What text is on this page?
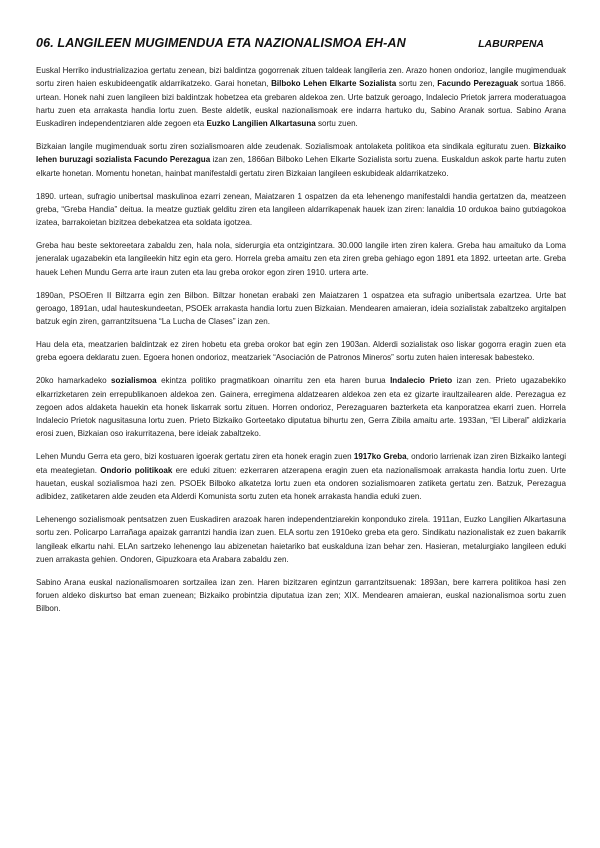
06. LANGILEEN MUGIMENDUA ETA NAZIONALISMOA EH-AN	LABURPENA

Euskal Herriko industrializazioa gertatu zenean, bizi baldintza gogorrenak zituen taldeak langileria zen. Arazo honen ondorioz, langile mugimenduak sortu ziren haien eskubideengatik aldarrikatzeko. Garai honetan, Bilboko Lehen Elkarte Sozialista sortu zen, Facundo Perezaguak sortua 1866. urtean. Honek nahi zuen langileen bizi baldintzak hobetzea eta grebaren aldekoa zen. Urte batzuk geroago, Indalecio Prietok jarrera moderatuagoa hartu zuen eta arrakasta handia lortu zuen. Beste aldetik, euskal nazionalismoak ere indarra hartuko du, Sabino Aranak sortua. Sabino Arana Euskadiren independentziaren alde zegoen eta Euzko Langilien Alkartasuna sortu zuen.

Bizkaian langile mugimenduak sortu ziren sozialismoaren alde zeudenak. Sozialismoak antolaketa politikoa eta sindikala egituratu zuen. Bizkaiko lehen buruzagi sozialista Facundo Perezagua izan zen, 1866an Bilboko Lehen Elkarte Sozialista sortu zuena. Euskaldun askok parte hartu zuten elkarte honetan. Momentu honetan, hainbat manifestaldi gertatu ziren Bizkaian langileen eskubideak aldarrikatzeko.

1890. urtean, sufragio unibertsal maskulinoa ezarri zenean, Maiatzaren 1 ospatzen da eta lehenengo manifestaldi handia gertatzen da, meatzeen greba, “Greba Handia” deitua. Ia meatze guztiak gelditu ziren eta langileen aldarrikapenak hauek izan ziren: lanaldia 10 ordukoa baino gutxiagokoa izatea, barrakoietan bizitzea debekatzea eta soldata igotzea.

Greba hau beste sektoreetara zabaldu zen, hala nola, siderurgia eta ontzigintzara. 30.000 langile irten ziren kalera. Greba hau amaituko da Loma jeneralak ugazabekin eta langileekin hitz egin eta gero. Horrela greba amaitu zen eta ziren greba gehiago egon 1891 eta 1892. urteetan arte. Greba hauek Lehen Mundu Gerra arte iraun zuten eta lau greba orokor egon ziren 1910. urtera arte.

1890an, PSOEren II Biltzarra egin zen Bilbon. Biltzar honetan erabaki zen Maiatzaren 1 ospatzea eta sufragio unibertsala ezartzea. Urte bat geroago, 1891an, udal hauteskundeetan, PSOEk arrakasta handia lortu zuen Bizkaian. Mendearen amaieran, ideia sozialistak zabaltzeko argitalpen batzuk egin ziren, garrantzitsuena “La Lucha de Clases” izan zen.

Hau dela eta, meatzarien baldintzak ez ziren hobetu eta greba orokor bat egin zen 1903an. Alderdi sozialistak oso liskar gogorra eragin zuen eta greba egoera deklaratu zuen. Egoera honen ondorioz, meatzariek “Asociación de Patronos Mineros” sortu zuten haien interesak babesteko.

20ko hamarkadeko sozialismoa ekintza politiko pragmatikoan oinarritu zen eta haren burua Indalecio Prieto izan zen. Prieto ugazabekiko elkarrizketaren zein errepublikanoen aldekoa zen. Gainera, erregimena aldatzearen aldekoa zen eta ez gizarte iraultzailearen alde. Perezagua ez zegoen ados aldaketa hauekin eta honek liskarrak sortu zituen. Horren ondorioz, Perezaguaren bazterketa eta kanporatzea ekarri zuen. Horrela Indalecio Prietok nagusitasuna lortu zuen. Prieto Bizkaiko Gorteetako diputatua bihurtu zen, Gerra Zibila amaitu arte. 1933an, “El Liberal” aldizkaria erosi zuen, Bizkaian oso irakurritazena, bere ideiak zabaltzeko.

Lehen Mundu Gerra eta gero, bizi kostuaren igoerak gertatu ziren eta honek eragin zuen 1917ko Greba, ondorio larrienak izan ziren Bizkaiko lantegi eta meategietan. Ondorio politikoak ere eduki zituen: ezkerraren atzerapena eragin zuen eta nazionalismoak arrakasta handia lortu zuen. Urte hauetan, euskal sozialismoa hazi zen. PSOEk Bilboko alkatetza lortu zuen eta ondoren sozialismoaren zatiketa gertatu zen. Batzuk, Perezagua adibidez, zatiketaren alde zeuden eta Alderdi Komunista sortu zuten eta honek arrakasta handia eduki zuen.

Lehenengo sozialismoak pentsatzen zuen Euskadiren arazoak haren independentziarekin konponduko zirela. 1911an, Euzko Langilien Alkartasuna sortu zen. Policarpo Larrañaga apaizak garrantzi handia izan zuen. ELA sortu zen 1910eko greba eta gero. Sindikatu nazionalistak ez zuen bakarrik langileak elkartu nahi. ELAn sartzeko lehenengo lau abizenetan haietariko bat euskalduna izan behar zen. Hasieran, metalurgiako langileen eduki zuen arrakasta gehien. Ondoren, Gipuzkoara eta Arabara zabaldu zen.

Sabino Arana euskal nazionalismoaren sortzailea izan zen. Haren bizitzaren egintzun garrantzitsuenak: 1893an, bere karrera politikoa hasi zen foruen aldeko diskurtso bat eman zuenean; Bizkaiko probintzia diputatua izan zen; XIX. Mendearen amaieran, euskal nazionalismoa sortu zuen Bilbon.
